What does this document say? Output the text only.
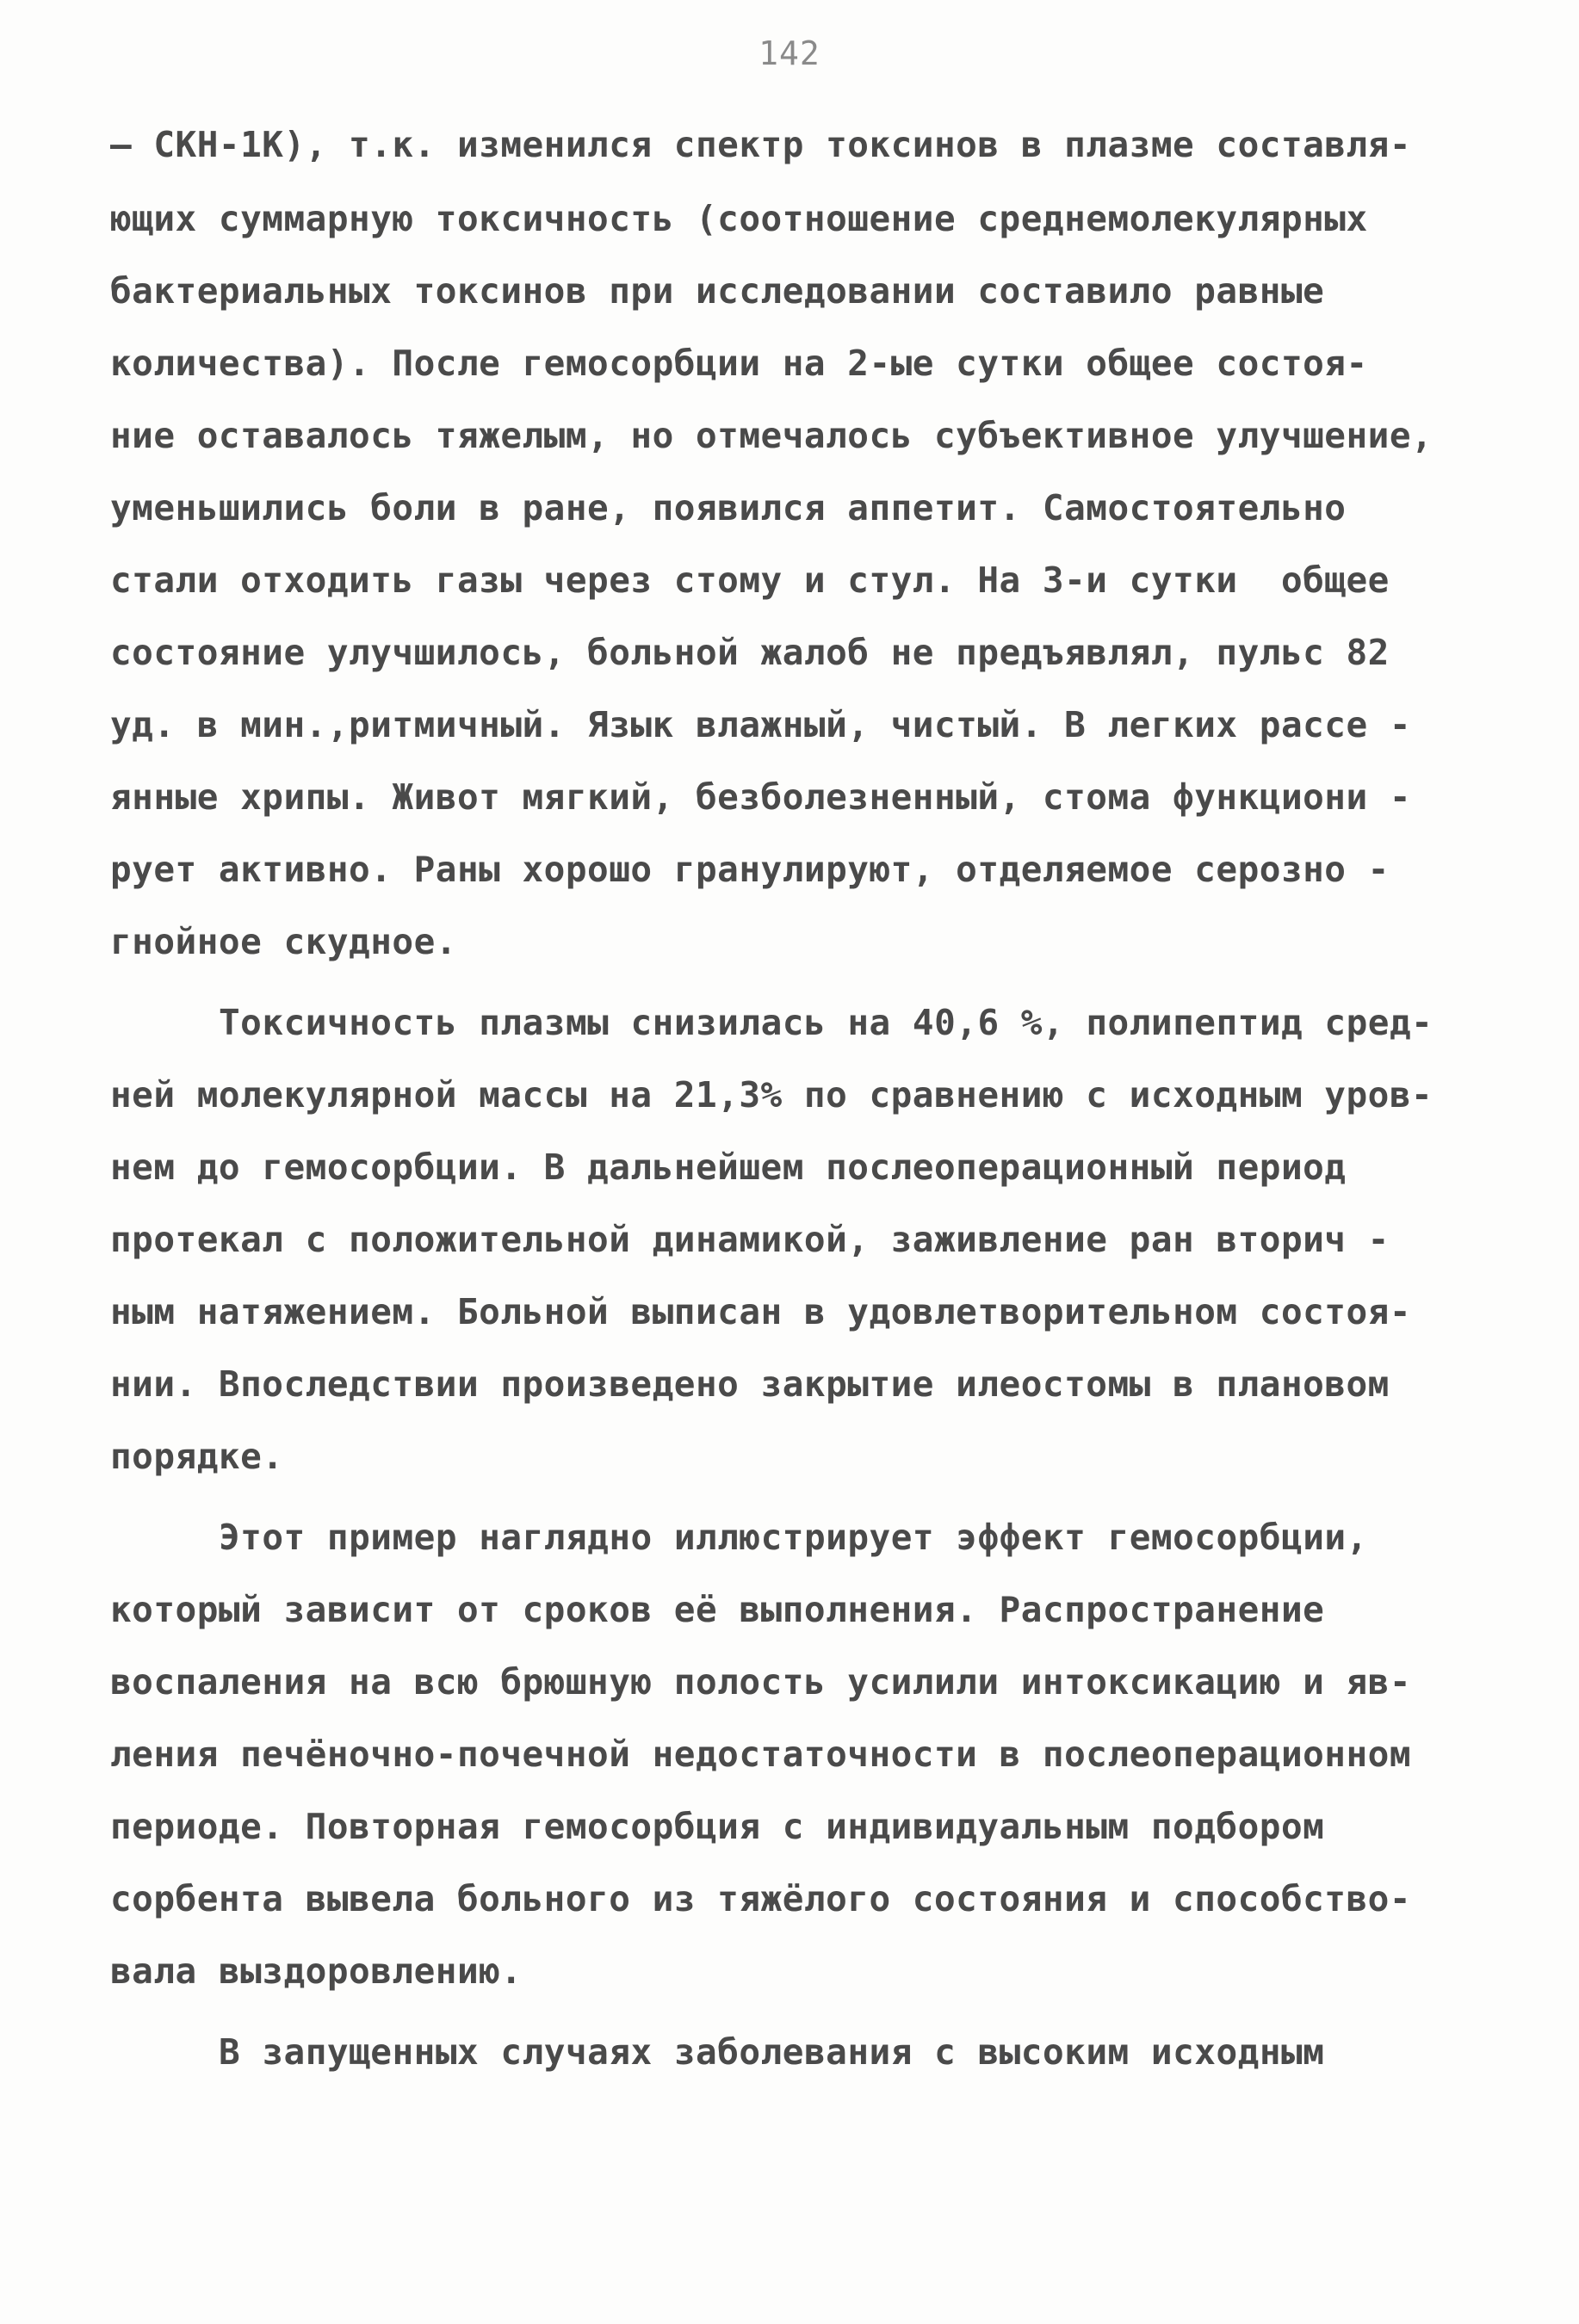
142
– СКН-1К), т.к. изменился спектр токсинов в плазме составля-
ющих суммарную токсичность (соотношение среднемолекулярных
бактериальных токсинов при исследовании составило равные
количества). После гемосорбции на 2-ые сутки общее состоя-
ние оставалось тяжелым, но отмечалось субъективное улучшение,
уменьшились боли в ране, появился аппетит. Самостоятельно
стали отходить газы через стому и стул. На 3-и сутки  общее
состояние улучшилось, больной жалоб не предъявлял, пульс 82
уд. в мин.,ритмичный. Язык влажный, чистый. В легких рассе -
янные хрипы. Живот мягкий, безболезненный, стома функциони -
рует активно. Раны хорошо гранулируют, отделяемое серозно -
гнойное скудное.
Токсичность плазмы снизилась на 40,6 %, полипептид сред-
ней молекулярной массы на 21,3% по сравнению с исходным уров-
нем до гемосорбции. В дальнейшем послеоперационный период
протекал с положительной динамикой, заживление ран вторич -
ным натяжением. Больной выписан в удовлетворительном состоя-
нии. Впоследствии произведено закрытие илеостомы в плановом
порядке.
Этот пример наглядно иллюстрирует эффект гемосорбции,
который зависит от сроков её выполнения. Распространение
воспаления на всю брюшную полость усилили интоксикацию и яв-
ления печёночно-почечной недостаточности в послеоперационном
периоде. Повторная гемосорбция с индивидуальным подбором
сорбента вывела больного из тяжёлого состояния и способство-
вала выздоровлению.
В запущенных случаях заболевания с высоким исходным
